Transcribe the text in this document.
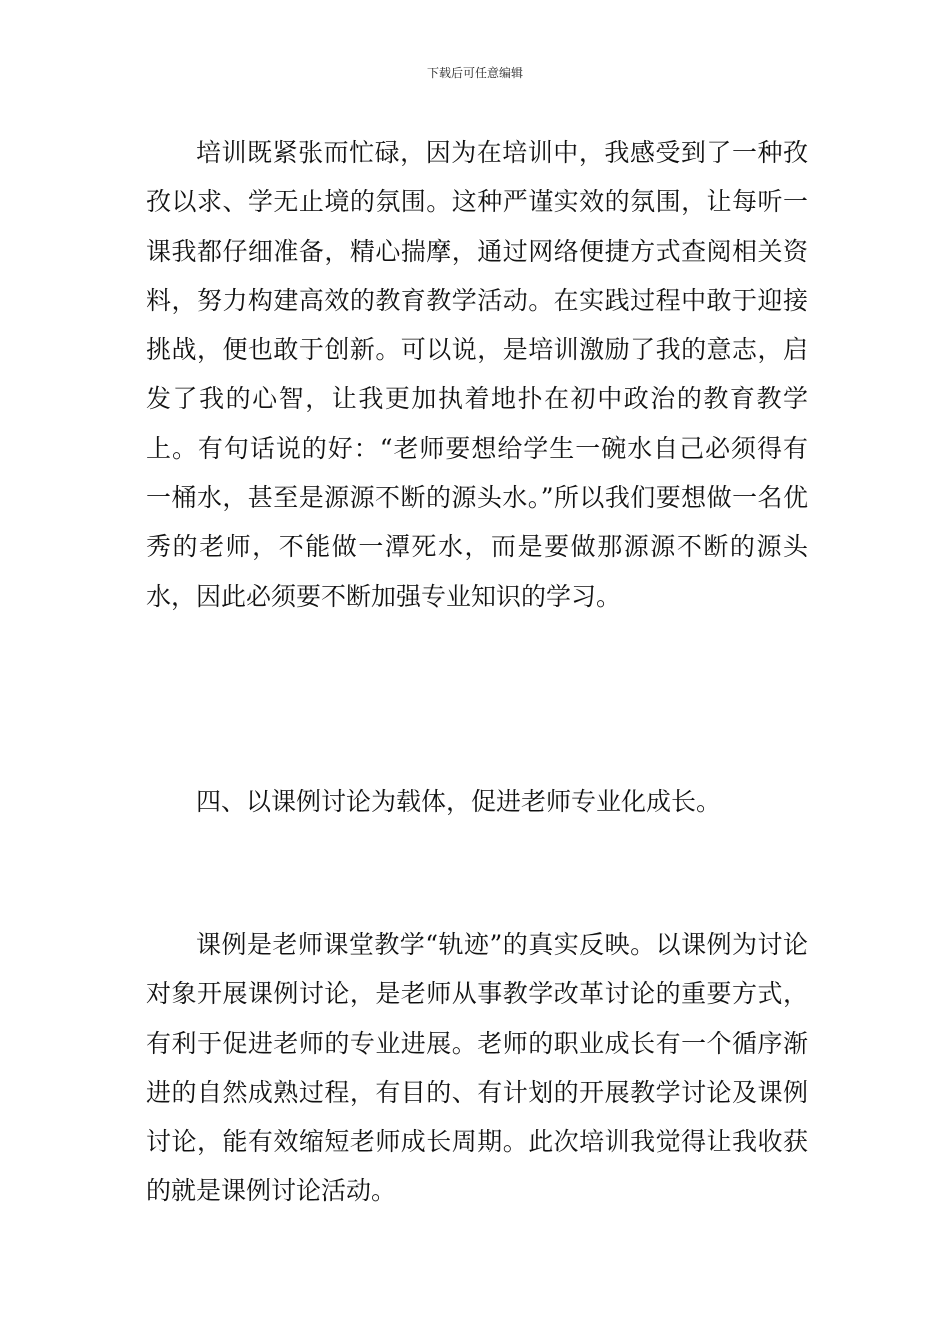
下载后可任意编辑

培训既紧张而忙碌，因为在培训中，我感受到了一种孜孜以求、学无止境的氛围。这种严谨实效的氛围，让每听一课我都仔细准备，精心揣摩，通过网络便捷方式查阅相关资料，努力构建高效的教育教学活动。在实践过程中敢于迎接挑战，便也敢于创新。可以说，是培训激励了我的意志，启发了我的心智，让我更加执着地扑在初中政治的教育教学上。有句话说的好：“老师要想给学生一碗水自己必须得有一桶水，甚至是源源不断的源头水。”所以我们要想做一名优秀的老师，不能做一潭死水，而是要做那源源不断的源头水，因此必须要不断加强专业知识的学习。

四、以课例讨论为载体，促进老师专业化成长。

课例是老师课堂教学“轨迹”的真实反映。以课例为讨论对象开展课例讨论，是老师从事教学改革讨论的重要方式，有利于促进老师的专业进展。老师的职业成长有一个循序渐进的自然成熟过程，有目的、有计划的开展教学讨论及课例讨论，能有效缩短老师成长周期。此次培训我觉得让我收获的就是课例讨论活动。
